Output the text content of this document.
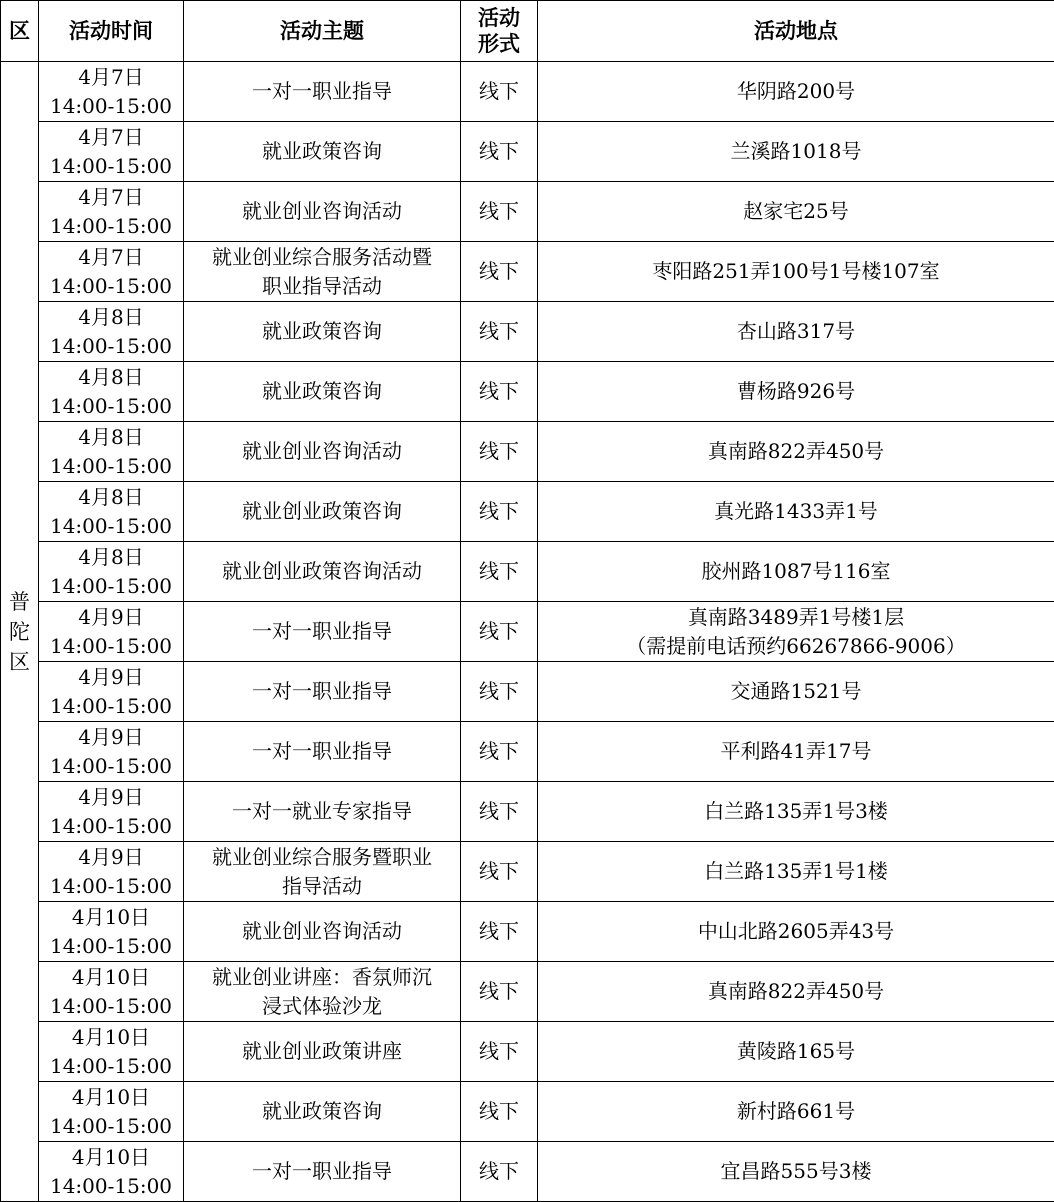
区	活动时间	活动主题	活动
形式	活动地点
普陀区	4月7日
14:00-15:00	一对一职业指导	线下	华阴路200号

	4月7日
14:00-15:00	就业政策咨询	线下	兰溪路1018号

	4月7日
14:00-15:00	就业创业咨询活动	线下	赵家宅25号

	4月7日
14:00-15:00	就业创业综合服务活动暨
职业指导活动	线下	枣阳路251弄100号1号楼107室

	4月8日
14:00-15:00	就业政策咨询	线下	杏山路317号

	4月8日
14:00-15:00	就业政策咨询	线下	曹杨路926号

	4月8日
14:00-15:00	就业创业咨询活动	线下	真南路822弄450号

	4月8日
14:00-15:00	就业创业政策咨询	线下	真光路1433弄1号

	4月8日
14:00-15:00	就业创业政策咨询活动	线下	胶州路1087号116室

	4月9日
14:00-15:00	一对一职业指导	线下	真南路3489弄1号楼1层
（需提前电话预约66267866-9006）

	4月9日
14:00-15:00	一对一职业指导	线下	交通路1521号

	4月9日
14:00-15:00	一对一职业指导	线下	平利路41弄17号

	4月9日
14:00-15:00	一对一就业专家指导	线下	白兰路135弄1号3楼

	4月9日
14:00-15:00	就业创业综合服务暨职业
指导活动	线下	白兰路135弄1号1楼

	4月10日
14:00-15:00	就业创业咨询活动	线下	中山北路2605弄43号

	4月10日
14:00-15:00	就业创业讲座：香氛师沉
浸式体验沙龙	线下	真南路822弄450号

	4月10日
14:00-15:00	就业创业政策讲座	线下	黄陵路165号

	4月10日
14:00-15:00	就业政策咨询	线下	新村路661号

	4月10日
14:00-15:00	一对一职业指导	线下	宜昌路555号3楼
